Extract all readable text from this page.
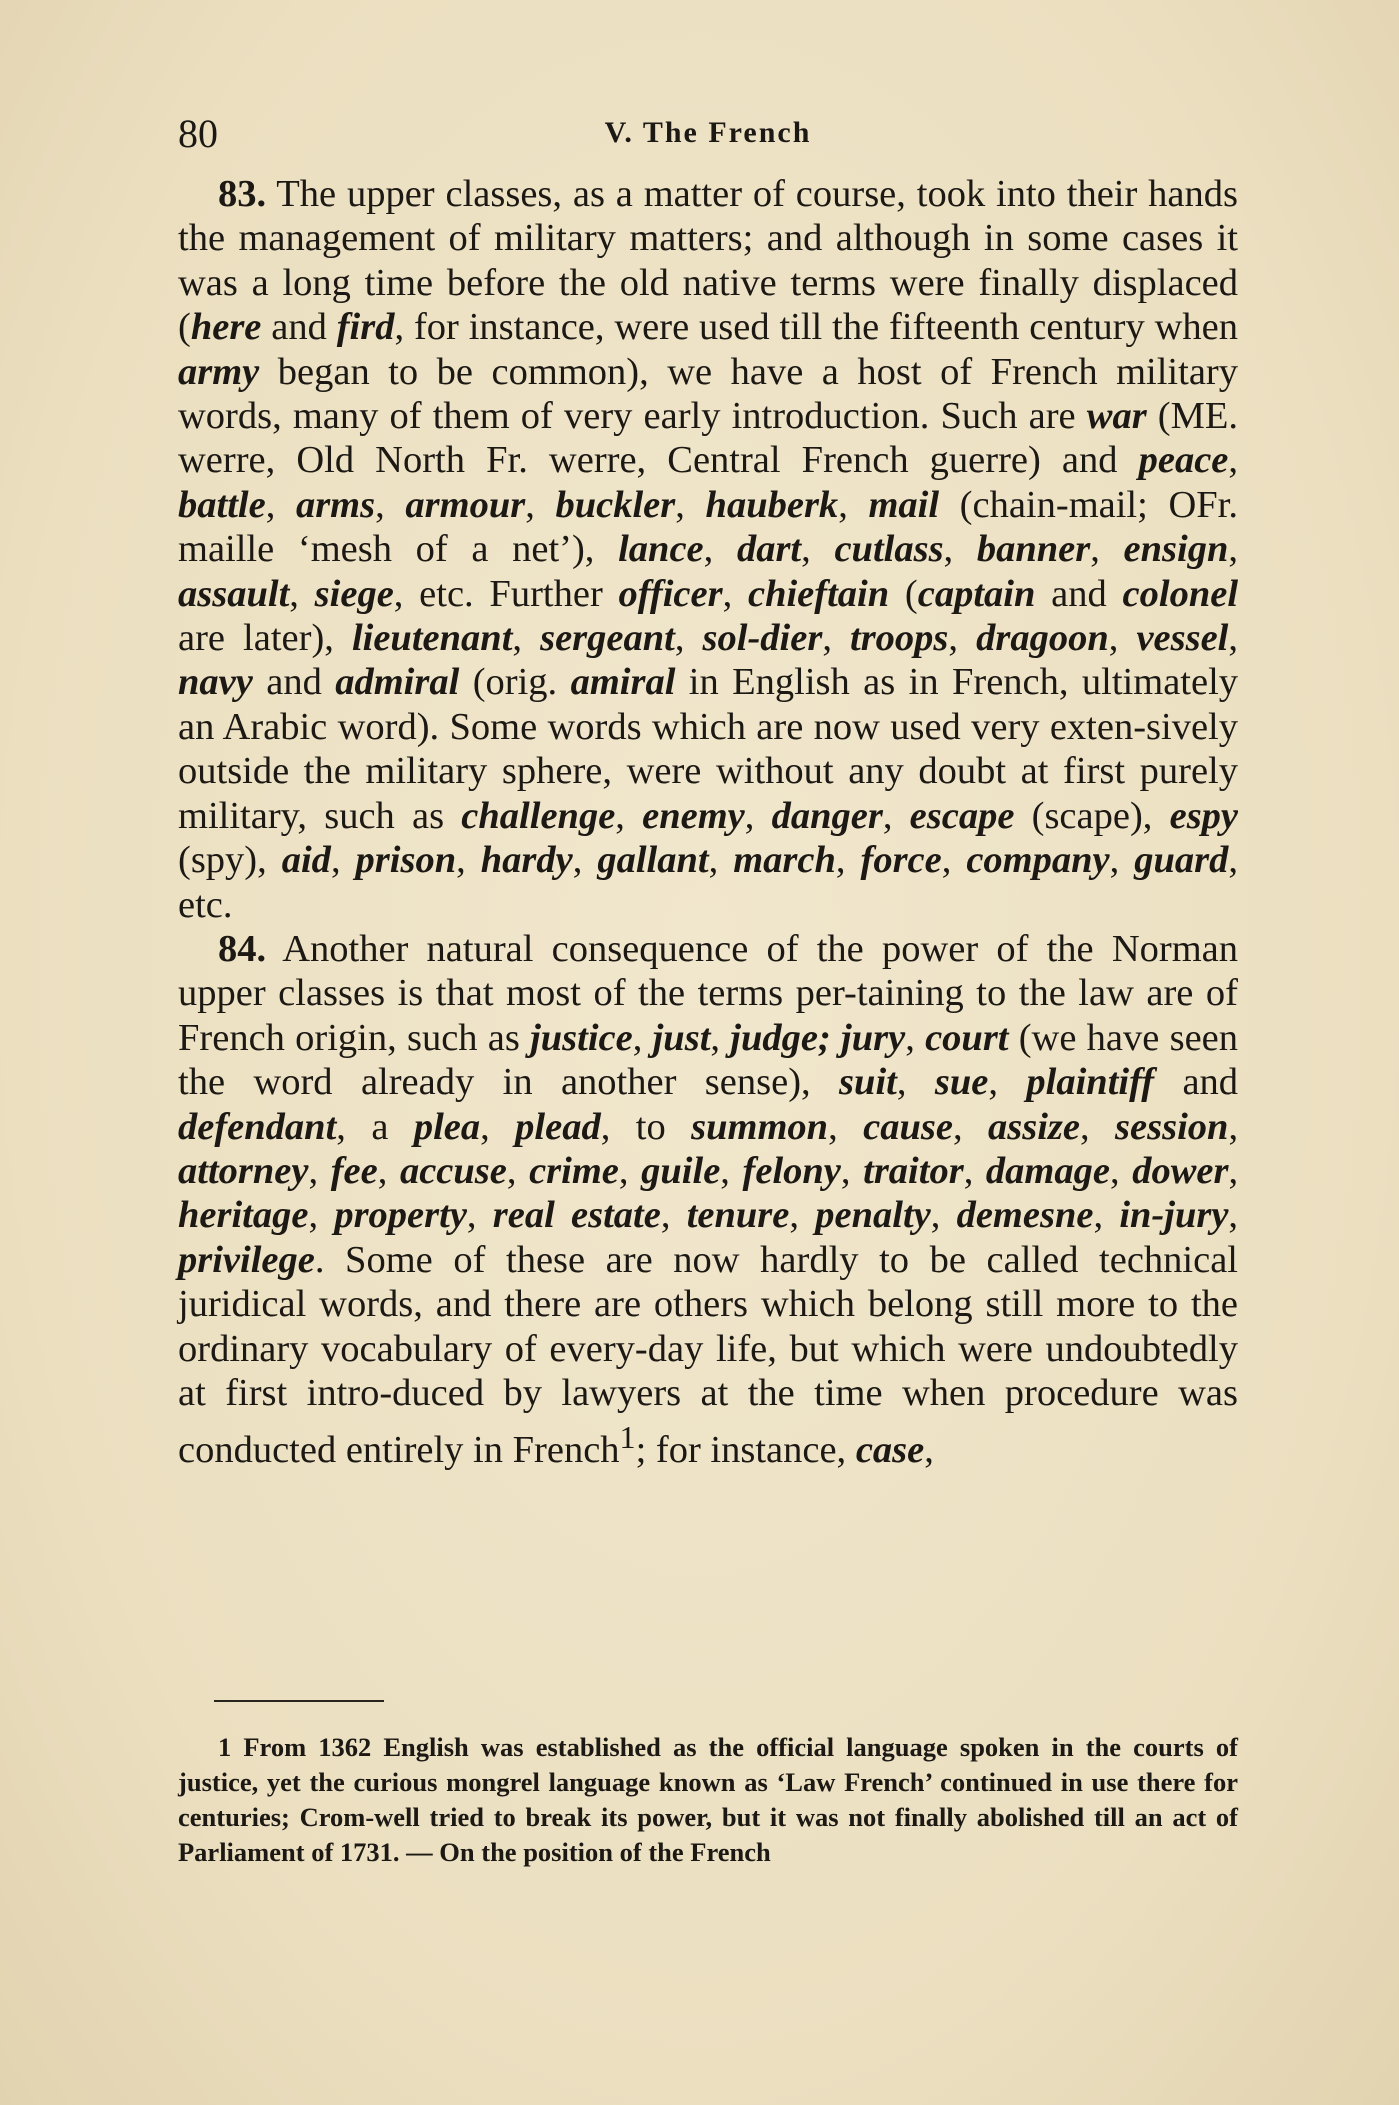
80	V. The French

83. The upper classes, as a matter of course, took into their hands the management of military matters; and although in some cases it was a long time before the old native terms were finally displaced (here and fird, for instance, were used till the fifteenth century when army began to be common), we have a host of French military words, many of them of very early introduction. Such are war (ME. werre, Old North Fr. werre, Central French guerre) and peace, battle, arms, armour, buckler, hauberk, mail (chain-mail; OFr. maille ‘mesh of a net’), lance, dart, cutlass, banner, ensign, assault, siege, etc. Further officer, chieftain (captain and colonel are later), lieutenant, sergeant, sol-dier, troops, dragoon, vessel, navy and admiral (orig. amiral in English as in French, ultimately an Arabic word). Some words which are now used very exten-sively outside the military sphere, were without any doubt at first purely military, such as challenge, enemy, danger, escape (scape), espy (spy), aid, prison, hardy, gallant, march, force, company, guard, etc.

84. Another natural consequence of the power of the Norman upper classes is that most of the terms per-taining to the law are of French origin, such as justice, just, judge; jury, court (we have seen the word already in another sense), suit, sue, plaintiff and defendant, a plea, plead, to summon, cause, assize, session, attorney, fee, accuse, crime, guile, felony, traitor, damage, dower, heritage, property, real estate, tenure, penalty, demesne, in-jury, privilege. Some of these are now hardly to be called technical juridical words, and there are others which belong still more to the ordinary vocabulary of every-day life, but which were undoubtedly at first intro-duced by lawyers at the time when procedure was conducted entirely in French$^1$; for instance, case,

1 From 1362 English was established as the official language spoken in the courts of justice, yet the curious mongrel language known as ‘Law French’ continued in use there for centuries; Crom-well tried to break its power, but it was not finally abolished till an act of Parliament of 1731. — On the position of the French
